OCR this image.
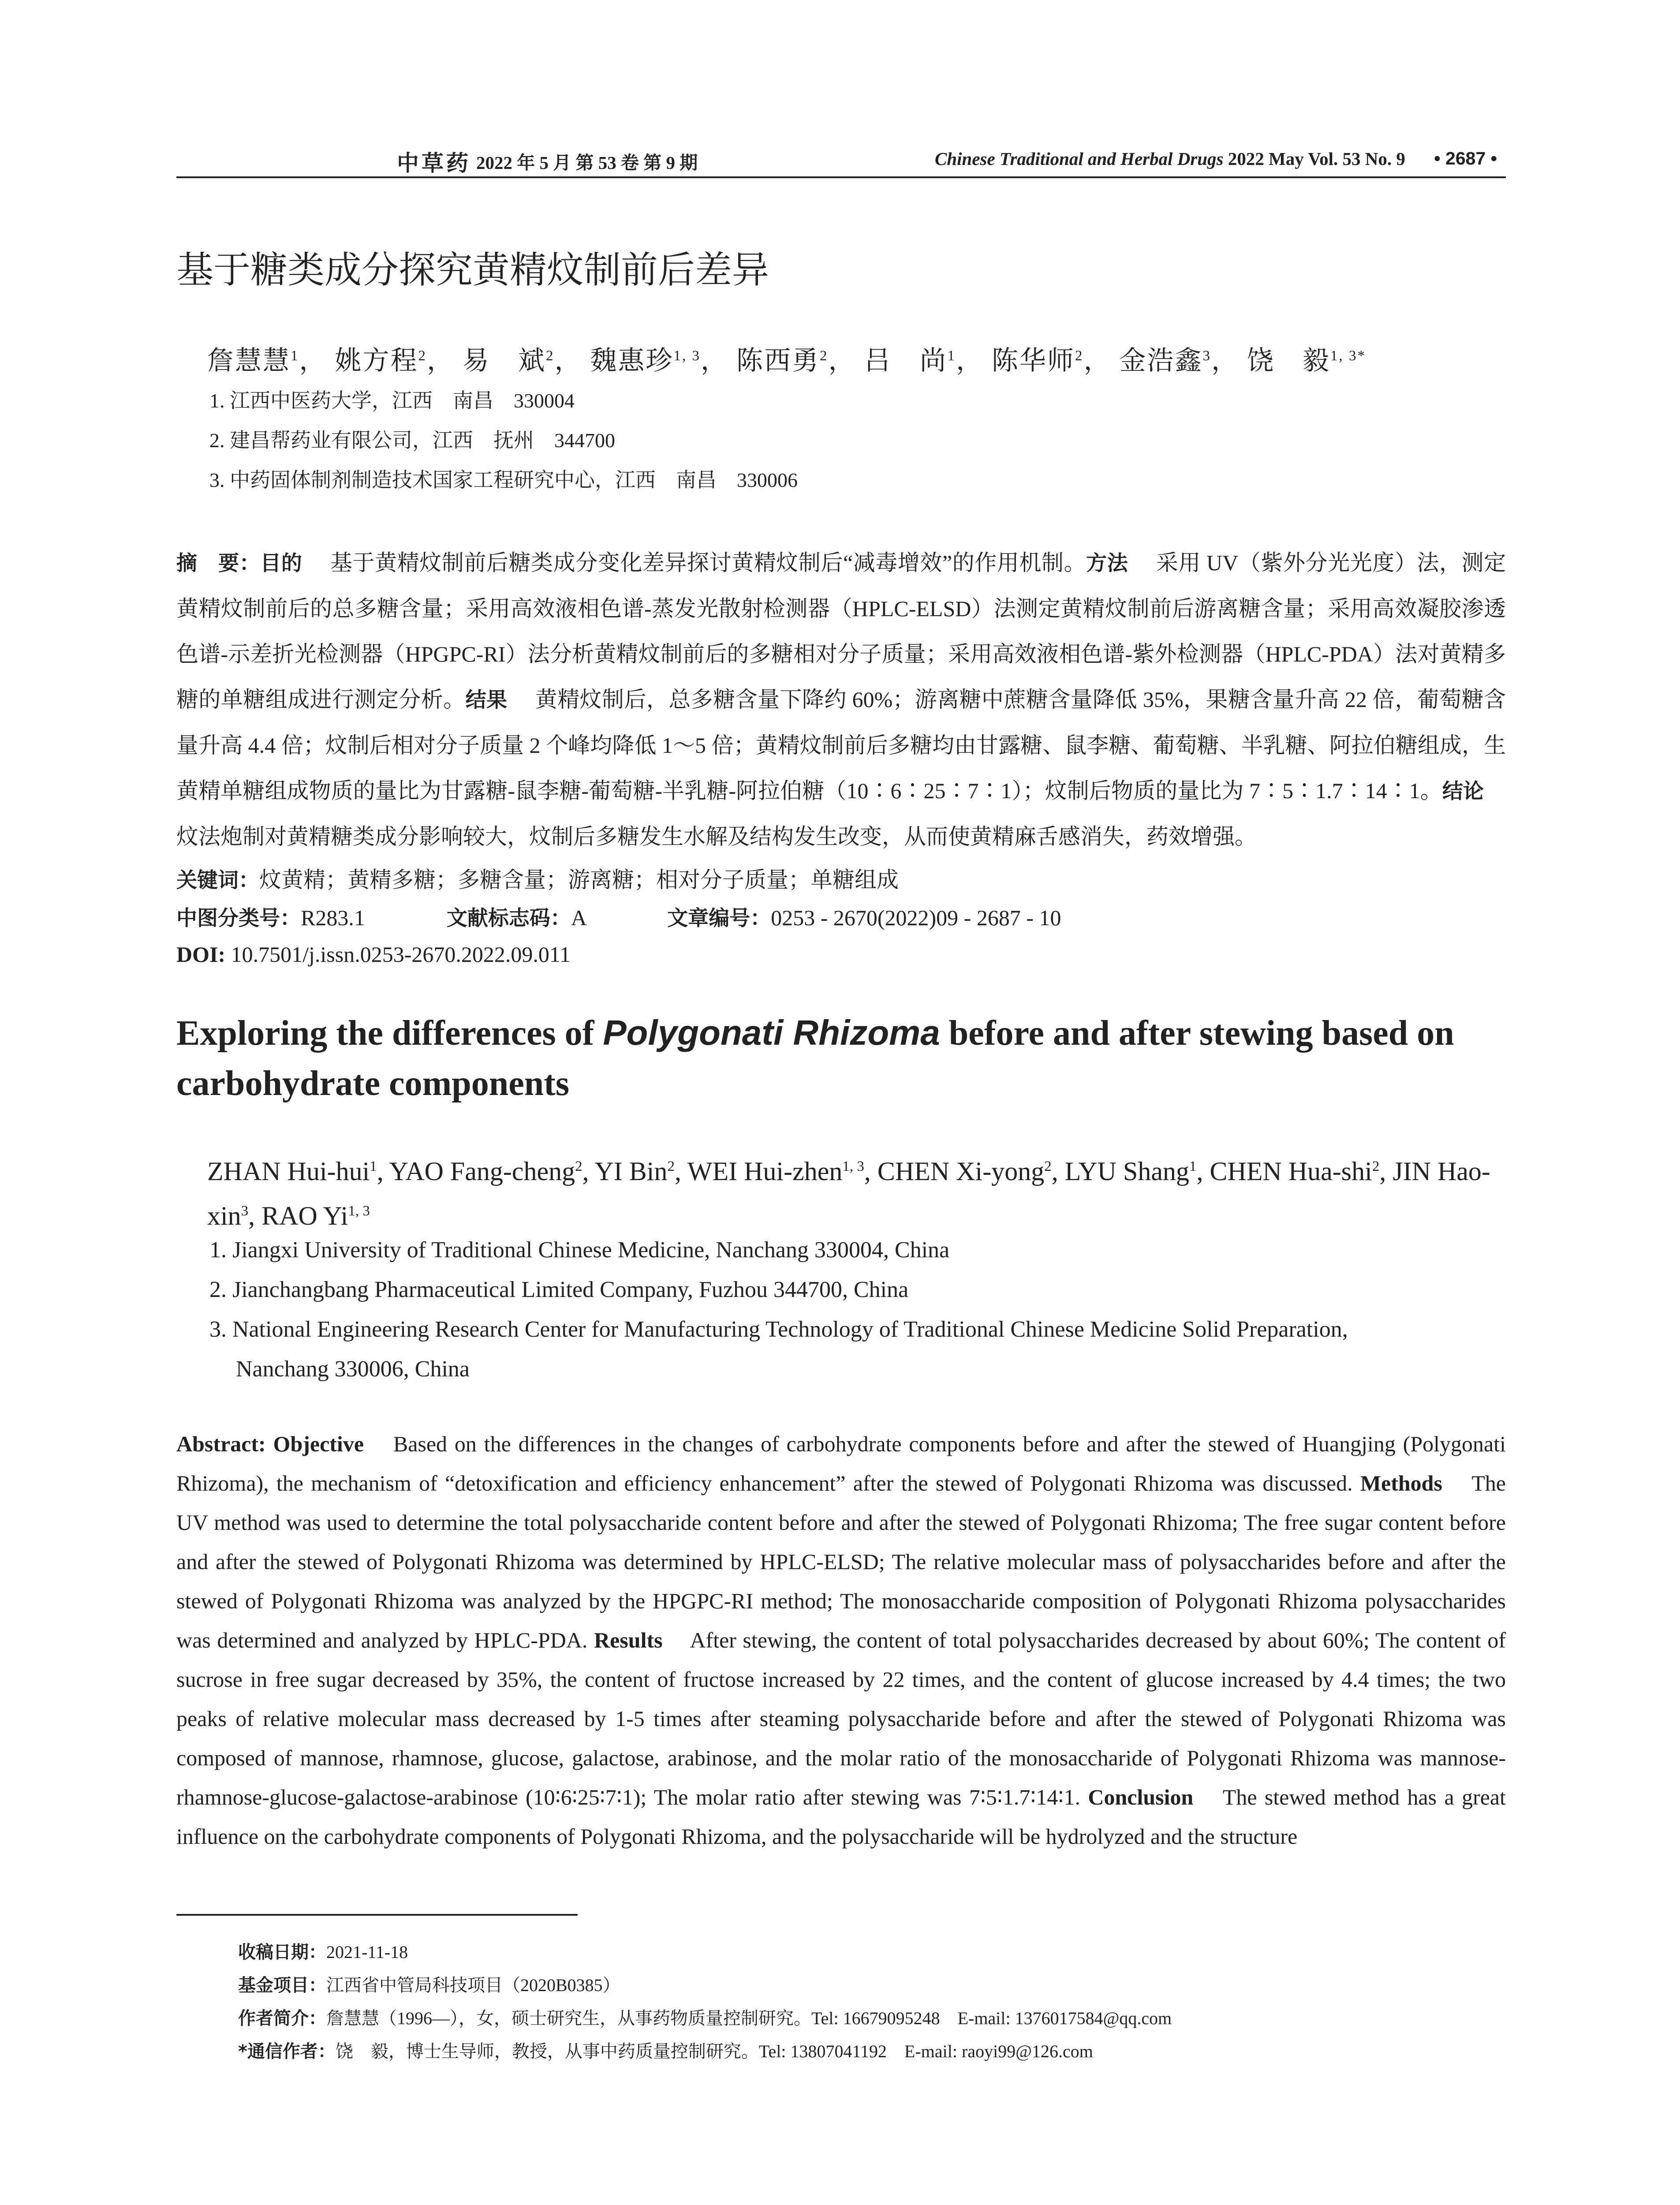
中草药 2022 年 5 月 第 53 卷 第 9 期	Chinese Traditional and Herbal Drugs 2022 May Vol. 53 No. 9 • 2687 •
基于糖类成分探究黄精炆制前后差异
詹慧慧$^1$， 姚方程$^2$， 易　斌$^2$， 魏惠珍$^{1, 3}$， 陈西勇$^2$， 吕　尚$^1$， 陈华师$^2$， 金浩鑫$^3$， 饶　毅$^{1, 3*}$
1. 江西中医药大学，江西　南昌　330004
2. 建昌帮药业有限公司，江西　抚州　344700
3. 中药固体制剂制造技术国家工程研究中心，江西　南昌　330006
摘　要：目的　 基于黄精炆制前后糖类成分变化差异探讨黄精炆制后“减毒增效”的作用机制。方法　 采用 UV（紫外分光光度）法，测定黄精炆制前后的总多糖含量；采用高效液相色谱-蒸发光散射检测器（HPLC-ELSD）法测定黄精炆制前后游离糖含量；采用高效凝胶渗透色谱-示差折光检测器（HPGPC-RI）法分析黄精炆制前后的多糖相对分子质量；采用高效液相色谱-紫外检测器（HPLC-PDA）法对黄精多糖的单糖组成进行测定分析。结果　 黄精炆制后，总多糖含量下降约 60%；游离糖中蔗糖含量降低 35%，果糖含量升高 22 倍，葡萄糖含量升高 4.4 倍；炆制后相对分子质量 2 个峰均降低 1～5 倍；黄精炆制前后多糖均由甘露糖、鼠李糖、葡萄糖、半乳糖、阿拉伯糖组成，生黄精单糖组成物质的量比为甘露糖-鼠李糖-葡萄糖-半乳糖-阿拉伯糖（10∶6∶25∶7∶1）；炆制后物质的量比为 7∶5∶1.7∶14∶1。结论　 炆法炮制对黄精糖类成分影响较大，炆制后多糖发生水解及结构发生改变，从而使黄精麻舌感消失，药效增强。
关键词：炆黄精；黄精多糖；多糖含量；游离糖；相对分子质量；单糖组成
中图分类号：R283.1	文献标志码：A	文章编号：0253 - 2670(2022)09 - 2687 - 10
DOI: 10.7501/j.issn.0253-2670.2022.09.011
Exploring the differences of Polygonati Rhizoma before and after stewing based on carbohydrate components
ZHAN Hui-hui$^1$, YAO Fang-cheng$^2$, YI Bin$^2$, WEI Hui-zhen$^{1, 3}$, CHEN Xi-yong$^2$, LYU Shang$^1$, CHEN Hua-shi$^2$, JIN Hao-xin$^3$, RAO Yi$^{1, 3}$
1. Jiangxi University of Traditional Chinese Medicine, Nanchang 330004, China
2. Jianchangbang Pharmaceutical Limited Company, Fuzhou 344700, China
3. National Engineering Research Center for Manufacturing Technology of Traditional Chinese Medicine Solid Preparation,
Nanchang 330006, China
Abstract: Objective  Based on the differences in the changes of carbohydrate components before and after the stewed of Huangjing (Polygonati Rhizoma), the mechanism of “detoxification and efficiency enhancement” after the stewed of Polygonati Rhizoma was discussed. Methods  The UV method was used to determine the total polysaccharide content before and after the stewed of Polygonati Rhizoma; The free sugar content before and after the stewed of Polygonati Rhizoma was determined by HPLC-ELSD; The relative molecular mass of polysaccharides before and after the stewed of Polygonati Rhizoma was analyzed by the HPGPC-RI method; The monosaccharide composition of Polygonati Rhizoma polysaccharides was determined and analyzed by HPLC-PDA. Results  After stewing, the content of total polysaccharides decreased by about 60%; The content of sucrose in free sugar decreased by 35%, the content of fructose increased by 22 times, and the content of glucose increased by 4.4 times; the two peaks of relative molecular mass decreased by 1-5 times after steaming polysaccharide before and after the stewed of Polygonati Rhizoma was composed of mannose, rhamnose, glucose, galactose, arabinose, and the molar ratio of the monosaccharide of Polygonati Rhizoma was mannose-rhamnose-glucose-galactose-arabinose (10∶6∶25∶7∶1); The molar ratio after stewing was 7∶5∶1.7∶14∶1. Conclusion  The stewed method has a great influence on the carbohydrate components of Polygonati Rhizoma, and the polysaccharide will be hydrolyzed and the structure
收稿日期：2021-11-18
基金项目：江西省中管局科技项目（2020B0385）
作者简介：詹慧慧（1996—），女，硕士研究生，从事药物质量控制研究。Tel: 16679095248　E-mail: 1376017584@qq.com
*通信作者：饶　毅，博士生导师，教授，从事中药质量控制研究。Tel: 13807041192　E-mail: raoyi99@126.com
